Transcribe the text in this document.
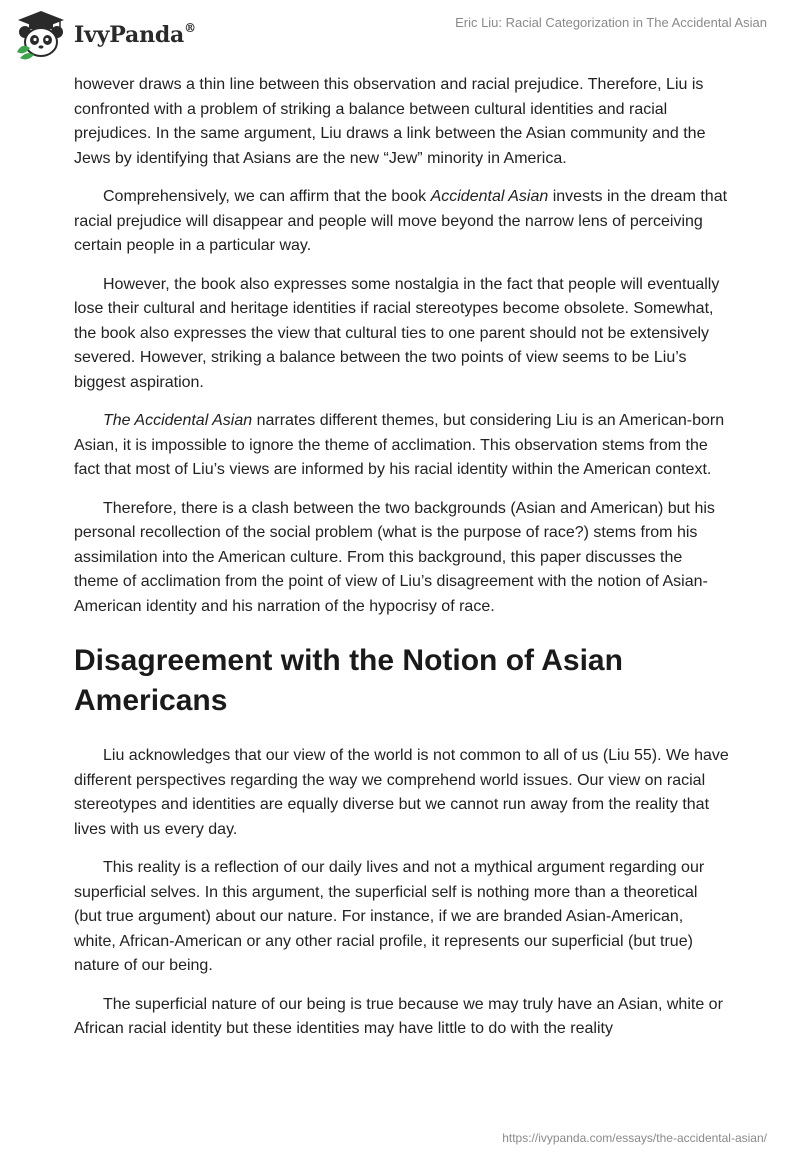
IvyPanda®	Eric Liu: Racial Categorization in The Accidental Asian

however draws a thin line between this observation and racial prejudice. Therefore, Liu is confronted with a problem of striking a balance between cultural identities and racial prejudices. In the same argument, Liu draws a link between the Asian community and the Jews by identifying that Asians are the new “Jew” minority in America.

Comprehensively, we can affirm that the book Accidental Asian invests in the dream that racial prejudice will disappear and people will move beyond the narrow lens of perceiving certain people in a particular way.

However, the book also expresses some nostalgia in the fact that people will eventually lose their cultural and heritage identities if racial stereotypes become obsolete. Somewhat, the book also expresses the view that cultural ties to one parent should not be extensively severed. However, striking a balance between the two points of view seems to be Liu’s biggest aspiration.

The Accidental Asian narrates different themes, but considering Liu is an American-born Asian, it is impossible to ignore the theme of acclimation. This observation stems from the fact that most of Liu’s views are informed by his racial identity within the American context.

Therefore, there is a clash between the two backgrounds (Asian and American) but his personal recollection of the social problem (what is the purpose of race?) stems from his assimilation into the American culture. From this background, this paper discusses the theme of acclimation from the point of view of Liu’s disagreement with the notion of Asian-American identity and his narration of the hypocrisy of race.

Disagreement with the Notion of Asian Americans

Liu acknowledges that our view of the world is not common to all of us (Liu 55). We have different perspectives regarding the way we comprehend world issues. Our view on racial stereotypes and identities are equally diverse but we cannot run away from the reality that lives with us every day.

This reality is a reflection of our daily lives and not a mythical argument regarding our superficial selves. In this argument, the superficial self is nothing more than a theoretical (but true argument) about our nature. For instance, if we are branded Asian-American, white, African-American or any other racial profile, it represents our superficial (but true) nature of our being.

The superficial nature of our being is true because we may truly have an Asian, white or African racial identity but these identities may have little to do with the reality

https://ivypanda.com/essays/the-accidental-asian/
